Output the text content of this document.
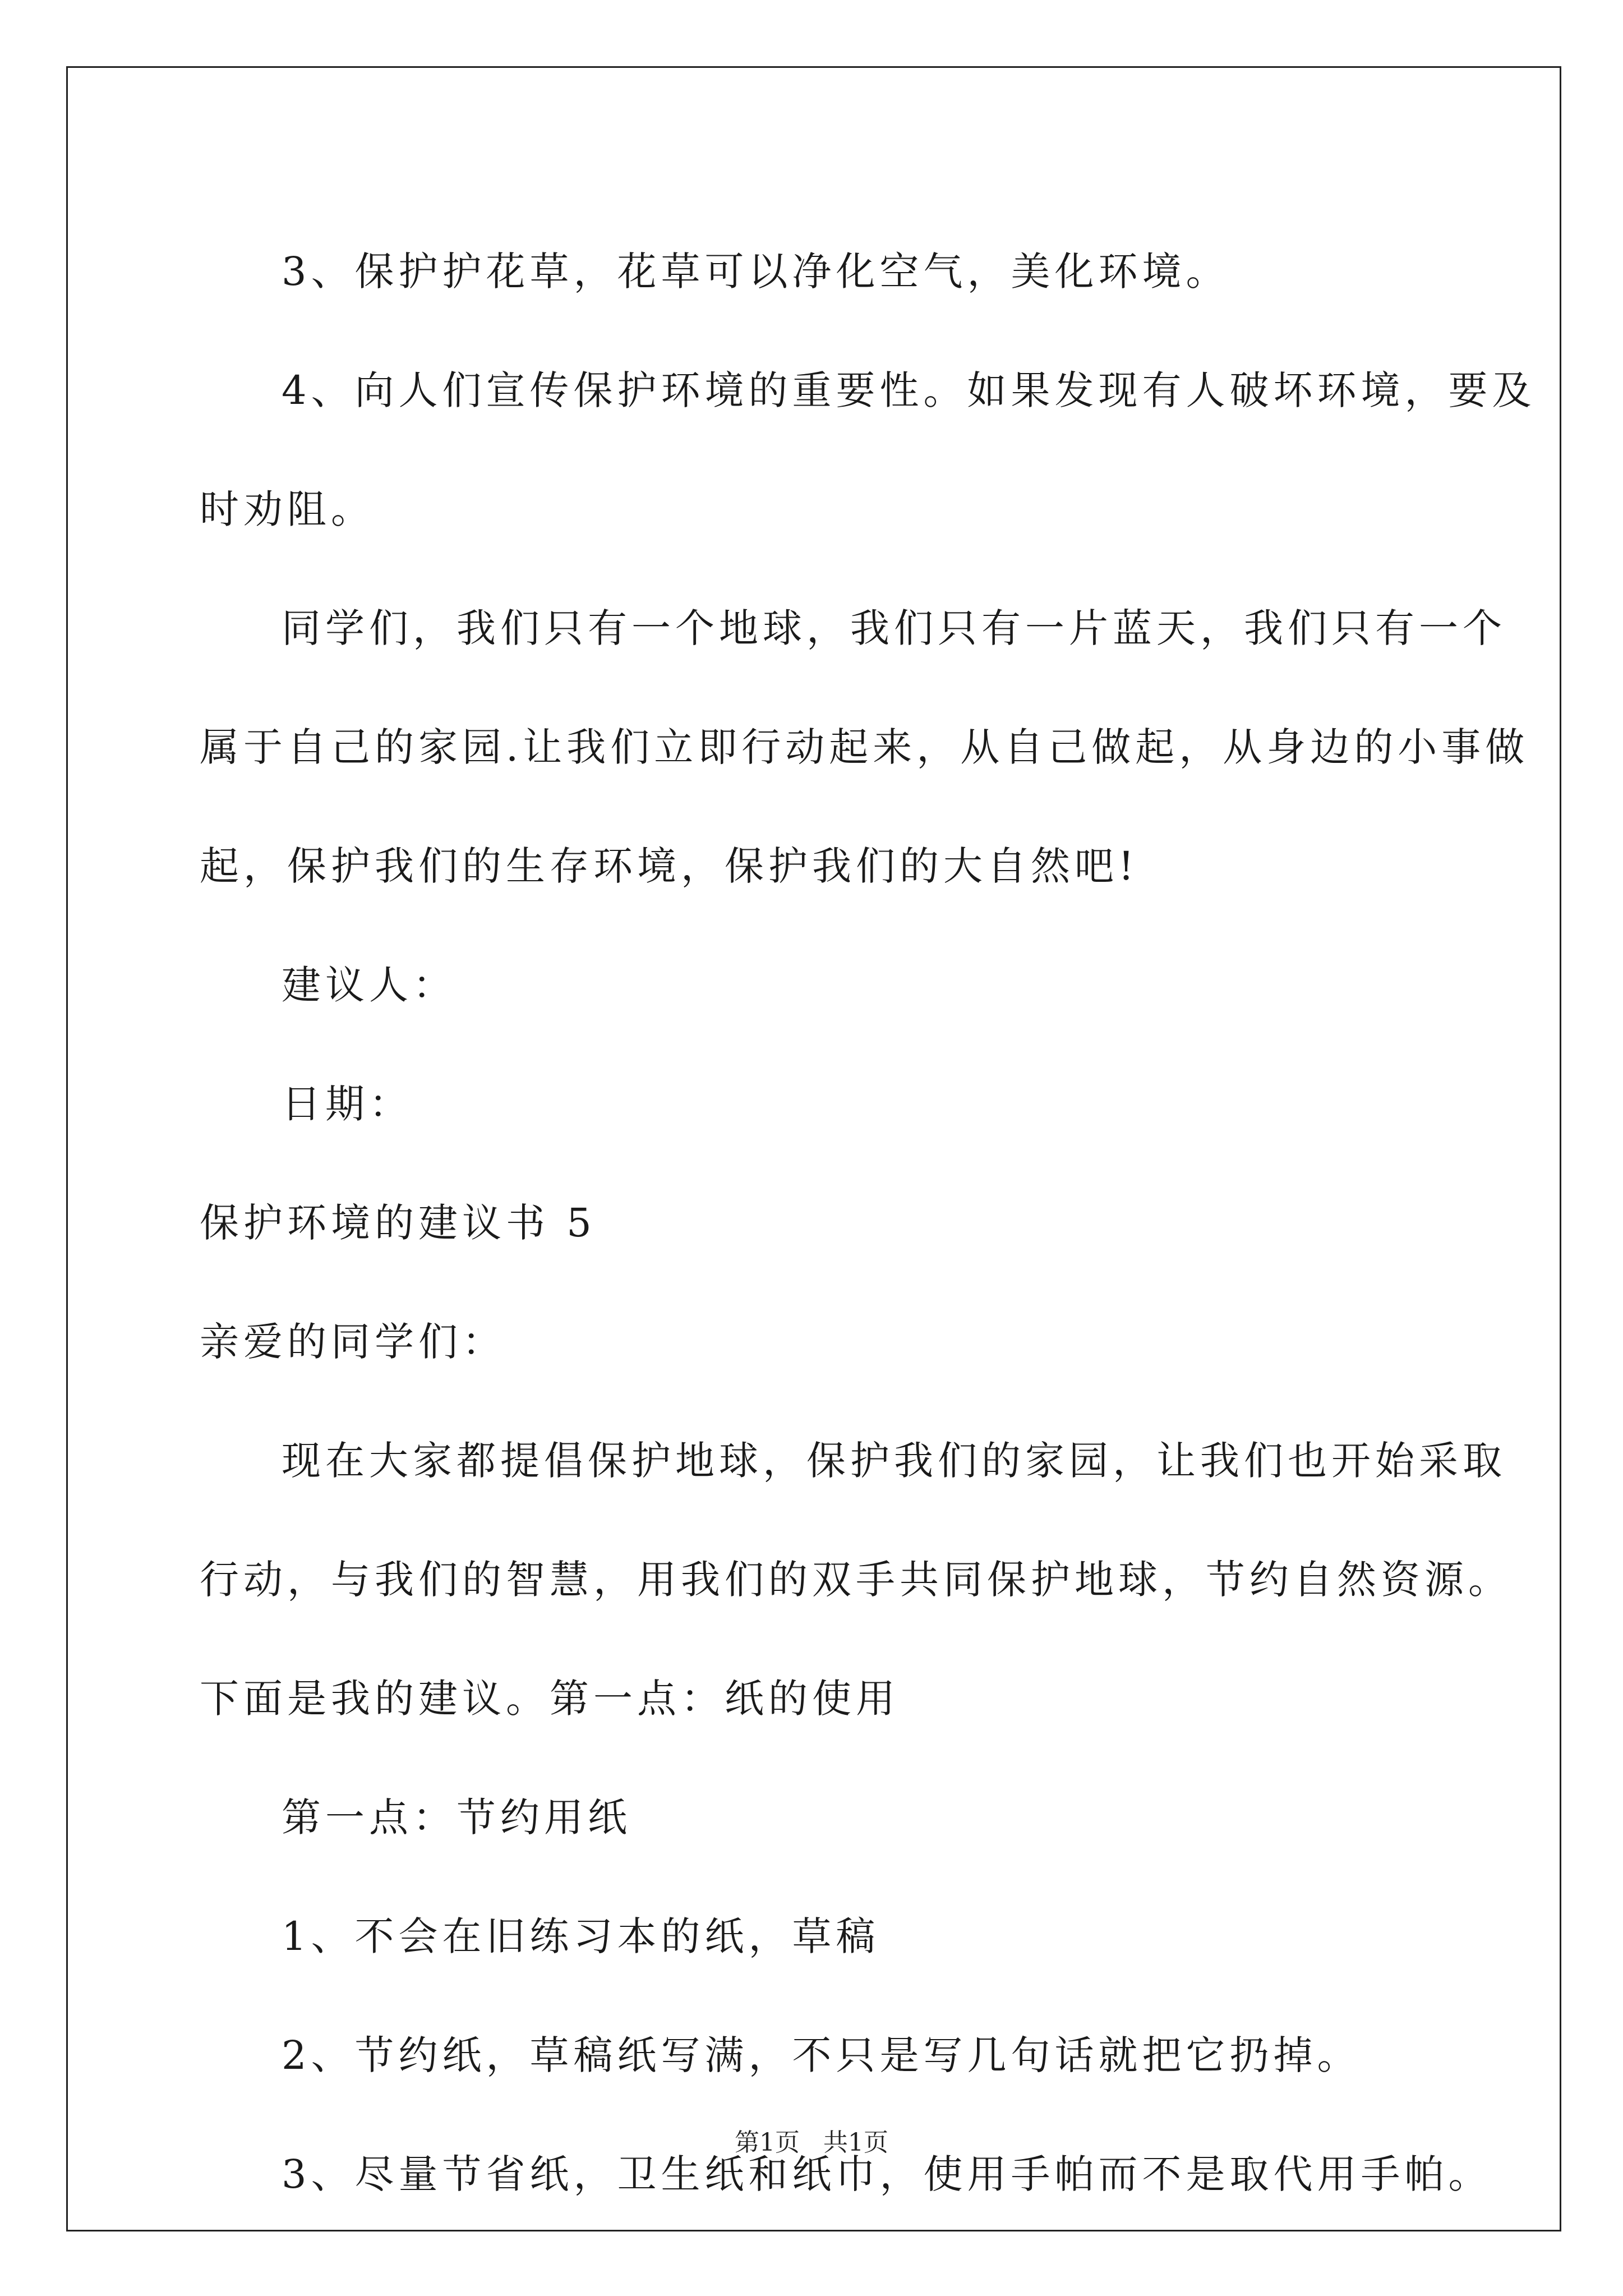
3、保护护花草，花草可以净化空气，美化环境。

4、向人们宣传保护环境的重要性。如果发现有人破坏环境，要及

时劝阻。

同学们，我们只有一个地球，我们只有一片蓝天，我们只有一个

属于自己的家园.让我们立即行动起来，从自己做起，从身边的小事做

起，保护我们的生存环境，保护我们的大自然吧!

建议人：

日期：

保护环境的建议书 5

亲爱的同学们：

现在大家都提倡保护地球，保护我们的家园，让我们也开始采取

行动，与我们的智慧，用我们的双手共同保护地球，节约自然资源。

下面是我的建议。第一点：纸的使用

第一点：节约用纸

1、不会在旧练习本的纸，草稿

2、节约纸，草稿纸写满，不只是写几句话就把它扔掉。

3、尽量节省纸，卫生纸和纸巾，使用手帕而不是取代用手帕。

第1页 共1页
